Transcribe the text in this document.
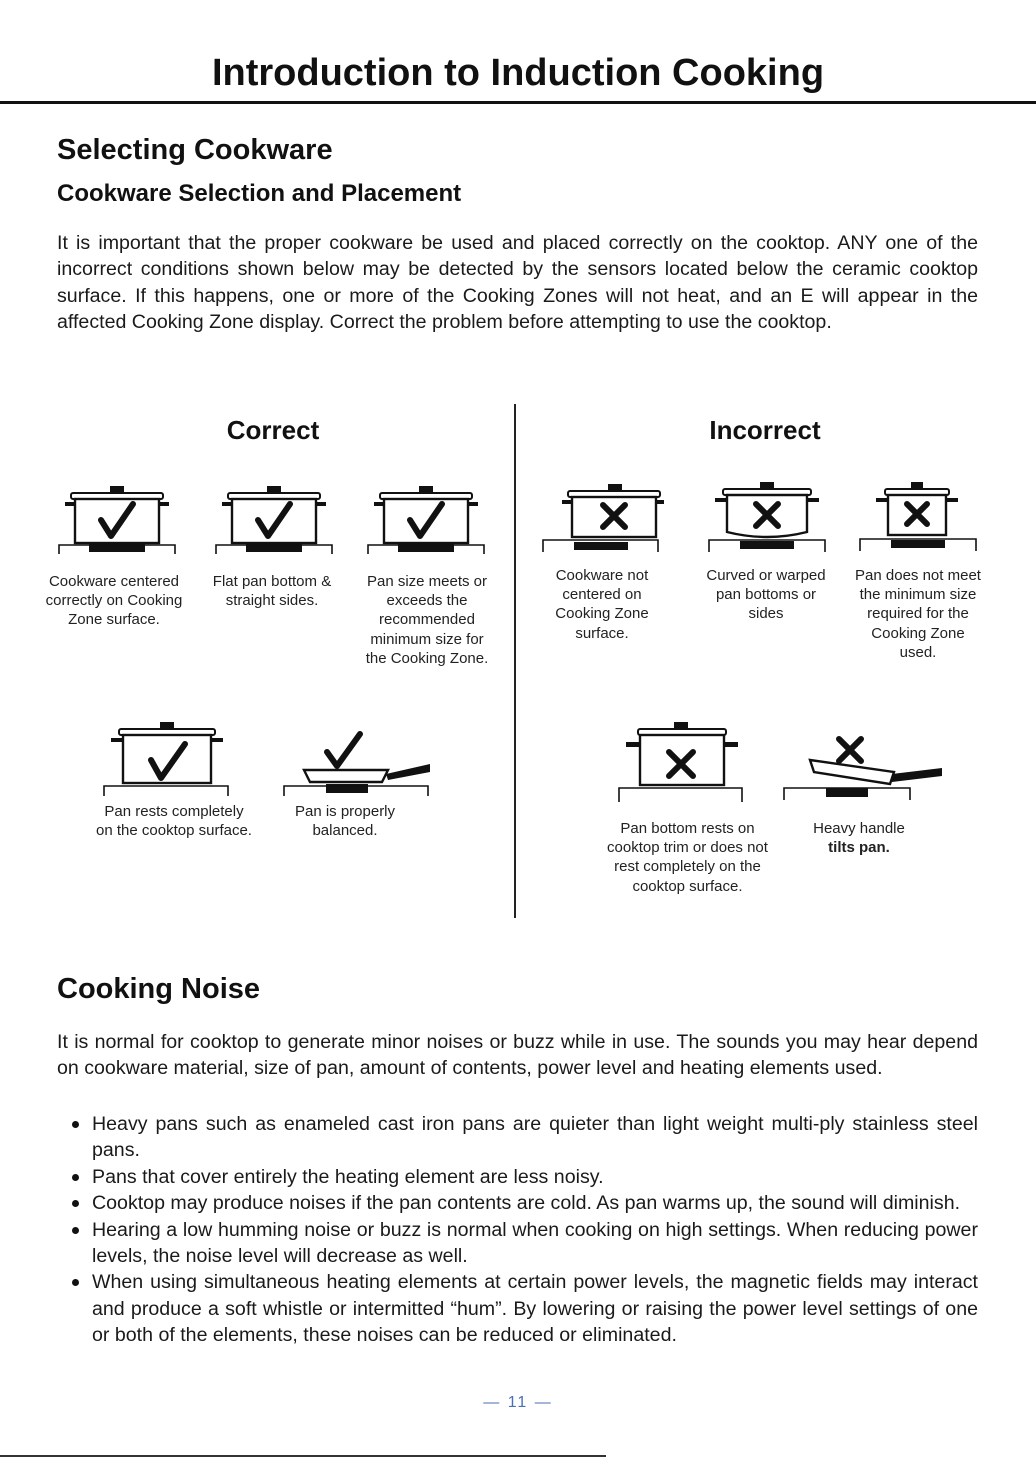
Introduction to Induction Cooking
Selecting Cookware
Cookware Selection and Placement

It is important that the proper cookware be used and placed correctly on the cooktop. ANY one of the incorrect conditions shown below may be detected by the sensors located below the ceramic cooktop surface. If this happens, one or more of the Cooking Zones will not heat, and an E will appear in the affected Cooking Zone display. Correct the problem before attempting to use the cooktop.

Correct	Incorrect
Cookware centered correctly on Cooking Zone surface.
Flat pan bottom & straight sides.
Pan size meets or exceeds the recommended minimum size for the Cooking Zone.
Pan rests completely on the cooktop surface.
Pan is properly balanced.
Cookware not centered on Cooking Zone surface.
Curved or warped pan bottoms or sides
Pan does not meet the minimum size required for the Cooking Zone used.
Pan bottom rests on cooktop trim or does not rest completely on the cooktop surface.
Heavy handle
tilts pan.
Cooking Noise

It is normal for cooktop to generate minor noises or buzz while in use. The sounds you may hear depend on cookware material, size of pan, amount of contents, power level and heating elements used.

Heavy pans such as enameled cast iron pans are quieter than light weight multi-ply stainless steel pans.
Pans that cover entirely the heating element are less noisy.
Cooktop may produce noises if the pan contents are cold. As pan warms up, the sound will diminish.
Hearing a low humming noise or buzz is normal when cooking on high settings. When reducing power levels, the noise level will decrease as well.
When using simultaneous heating elements at certain power levels, the magnetic fields may interact and produce a soft whistle or intermitted “hum”. By lowering or raising the power level settings of one or both of the elements, these noises can be reduced or eliminated.
— 11 —
